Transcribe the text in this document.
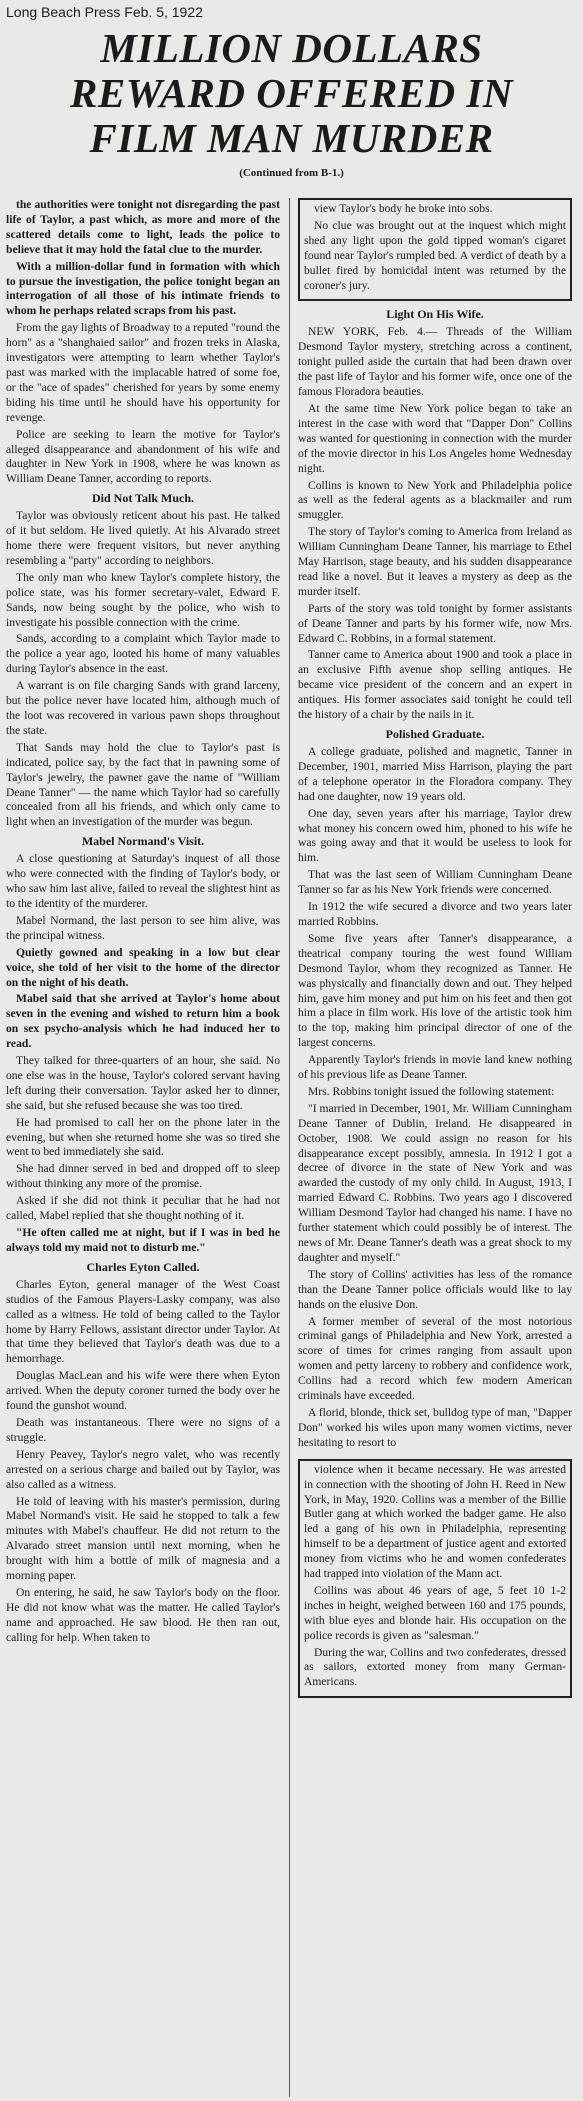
Long Beach Press Feb. 5, 1922
MILLION DOLLARS
REWARD OFFERED IN
FILM MAN MURDER
(Continued from B-1.)

the authorities were tonight not disregarding the past life of Taylor, a past which, as more and more of the scattered details come to light, leads the police to believe that it may hold the fatal clue to the murder.

With a million-dollar fund in formation with which to pursue the investigation, the police tonight began an interrogation of all those of his intimate friends to whom he perhaps related scraps from his past.

From the gay lights of Broadway to a reputed "round the horn" as a "shanghaied sailor" and frozen treks in Alaska, investigators were attempting to learn whether Taylor's past was marked with the implacable hatred of some foe, or the "ace of spades" cherished for years by some enemy biding his time until he should have his opportunity for revenge.

Police are seeking to learn the motive for Taylor's alleged disappearance and abandonment of his wife and daughter in New York in 1908, where he was known as William Deane Tanner, according to reports.

Did Not Talk Much.

Taylor was obviously reticent about his past. He talked of it but seldom. He lived quietly. At his Alvarado street home there were frequent visitors, but never anything resembling a "party" according to neighbors.

The only man who knew Taylor's complete history, the police state, was his former secretary-valet, Edward F. Sands, now being sought by the police, who wish to investigate his possible connection with the crime.

Sands, according to a complaint which Taylor made to the police a year ago, looted his home of many valuables during Taylor's absence in the east.

A warrant is on file charging Sands with grand larceny, but the police never have located him, although much of the loot was recovered in various pawn shops throughout the state.

That Sands may hold the clue to Taylor's past is indicated, police say, by the fact that in pawning some of Taylor's jewelry, the pawner gave the name of "William Deane Tanner" — the name which Taylor had so carefully concealed from all his friends, and which only came to light when an investigation of the murder was begun.

Mabel Normand's Visit.

A close questioning at Saturday's inquest of all those who were connected with the finding of Taylor's body, or who saw him last alive, failed to reveal the slightest hint as to the identity of the murderer.

Mabel Normand, the last person to see him alive, was the principal witness.

Quietly gowned and speaking in a low but clear voice, she told of her visit to the home of the director on the night of his death.

Mabel said that she arrived at Taylor's home about seven in the evening and wished to return him a book on sex psycho-analysis which he had induced her to read.

They talked for three-quarters of an hour, she said. No one else was in the house, Taylor's colored servant having left during their conversation. Taylor asked her to dinner, she said, but she refused because she was too tired.

He had promised to call her on the phone later in the evening, but when she returned home she was so tired she went to bed immediately she said.

She had dinner served in bed and dropped off to sleep without thinking any more of the promise.

Asked if she did not think it peculiar that he had not called, Mabel replied that she thought nothing of it.

"He often called me at night, but if I was in bed he always told my maid not to disturb me."

Charles Eyton Called.

Charles Eyton, general manager of the West Coast studios of the Famous Players-Lasky company, was also called as a witness. He told of being called to the Taylor home by Harry Fellows, assistant director under Taylor. At that time they believed that Taylor's death was due to a hemorrhage.

Douglas MacLean and his wife were there when Eyton arrived. When the deputy coroner turned the body over he found the gunshot wound.

Death was instantaneous. There were no signs of a struggle.

Henry Peavey, Taylor's negro valet, who was recently arrested on a serious charge and bailed out by Taylor, was also called as a witness.

He told of leaving with his master's permission, during Mabel Normand's visit. He said he stopped to talk a few minutes with Mabel's chauffeur. He did not return to the Alvarado street mansion until next morning, when he brought with him a bottle of milk of magnesia and a morning paper.

On entering, he said, he saw Taylor's body on the floor. He did not know what was the matter. He called Taylor's name and approached. He saw blood. He then ran out, calling for help. When taken to

view Taylor's body he broke into sobs.

No clue was brought out at the inquest which might shed any light upon the gold tipped woman's cigaret found near Taylor's rumpled bed. A verdict of death by a bullet fired by homicidal intent was returned by the coroner's jury.

Light On His Wife.

NEW YORK, Feb. 4.— Threads of the William Desmond Taylor mystery, stretching across a continent, tonight pulled aside the curtain that had been drawn over the past life of Taylor and his former wife, once one of the famous Floradora beauties.

At the same time New York police began to take an interest in the case with word that "Dapper Don" Collins was wanted for questioning in connection with the murder of the movie director in his Los Angeles home Wednesday night.

Collins is known to New York and Philadelphia police as well as the federal agents as a blackmailer and rum smuggler.

The story of Taylor's coming to America from Ireland as William Cunningham Deane Tanner, his marriage to Ethel May Harrison, stage beauty, and his sudden disappearance read like a novel. But it leaves a mystery as deep as the murder itself.

Parts of the story was told tonight by former assistants of Deane Tanner and parts by his former wife, now Mrs. Edward C. Robbins, in a formal statement.

Tanner came to America about 1900 and took a place in an exclusive Fifth avenue shop selling antiques. He became vice president of the concern and an expert in antiques. His former associates said tonight he could tell the history of a chair by the nails in it.

Polished Graduate.

A college graduate, polished and magnetic, Tanner in December, 1901, married Miss Harrison, playing the part of a telephone operator in the Floradora company. They had one daughter, now 19 years old.

One day, seven years after his marriage, Taylor drew what money his concern owed him, phoned to his wife he was going away and that it would be useless to look for him.

That was the last seen of William Cunningham Deane Tanner so far as his New York friends were concerned.

In 1912 the wife secured a divorce and two years later married Robbins.

Some five years after Tanner's disappearance, a theatrical company touring the west found William Desmond Taylor, whom they recognized as Tanner. He was physically and financially down and out. They helped him, gave him money and put him on his feet and then got him a place in film work. His love of the artistic took him to the top, making him principal director of one of the largest concerns.

Apparently Taylor's friends in movie land knew nothing of his previous life as Deane Tanner.

Mrs. Robbins tonight issued the following statement:

"I married in December, 1901, Mr. William Cunningham Deane Tanner of Dublin, Ireland. He disappeared in October, 1908. We could assign no reason for his disappearance except possibly, amnesia. In 1912 I got a decree of divorce in the state of New York and was awarded the custody of my only child. In August, 1913, I married Edward C. Robbins. Two years ago I discovered William Desmond Taylor had changed his name. I have no further statement which could possibly be of interest. The news of Mr. Deane Tanner's death was a great shock to my daughter and myself."

The story of Collins' activities has less of the romance than the Deane Tanner police officials would like to lay hands on the elusive Don.

A former member of several of the most notorious criminal gangs of Philadelphia and New York, arrested a score of times for crimes ranging from assault upon women and petty larceny to robbery and confidence work, Collins had a record which few modern American criminals have exceeded.

A florid, blonde, thick set, bulldog type of man, "Dapper Don" worked his wiles upon many women victims, never hesitating to resort to

violence when it became necessary. He was arrested in connection with the shooting of John H. Reed in New York, in May, 1920. Collins was a member of the Billie Butler gang at which worked the badger game. He also led a gang of his own in Philadelphia, representing himself to be a department of justice agent and extorted money from victims who he and women confederates had trapped into violation of the Mann act.

Collins was about 46 years of age, 5 feet 10 1-2 inches in height, weighed between 160 and 175 pounds, with blue eyes and blonde hair. His occupation on the police records is given as "salesman."

During the war, Collins and two confederates, dressed as sailors, extorted money from many German-Americans.
